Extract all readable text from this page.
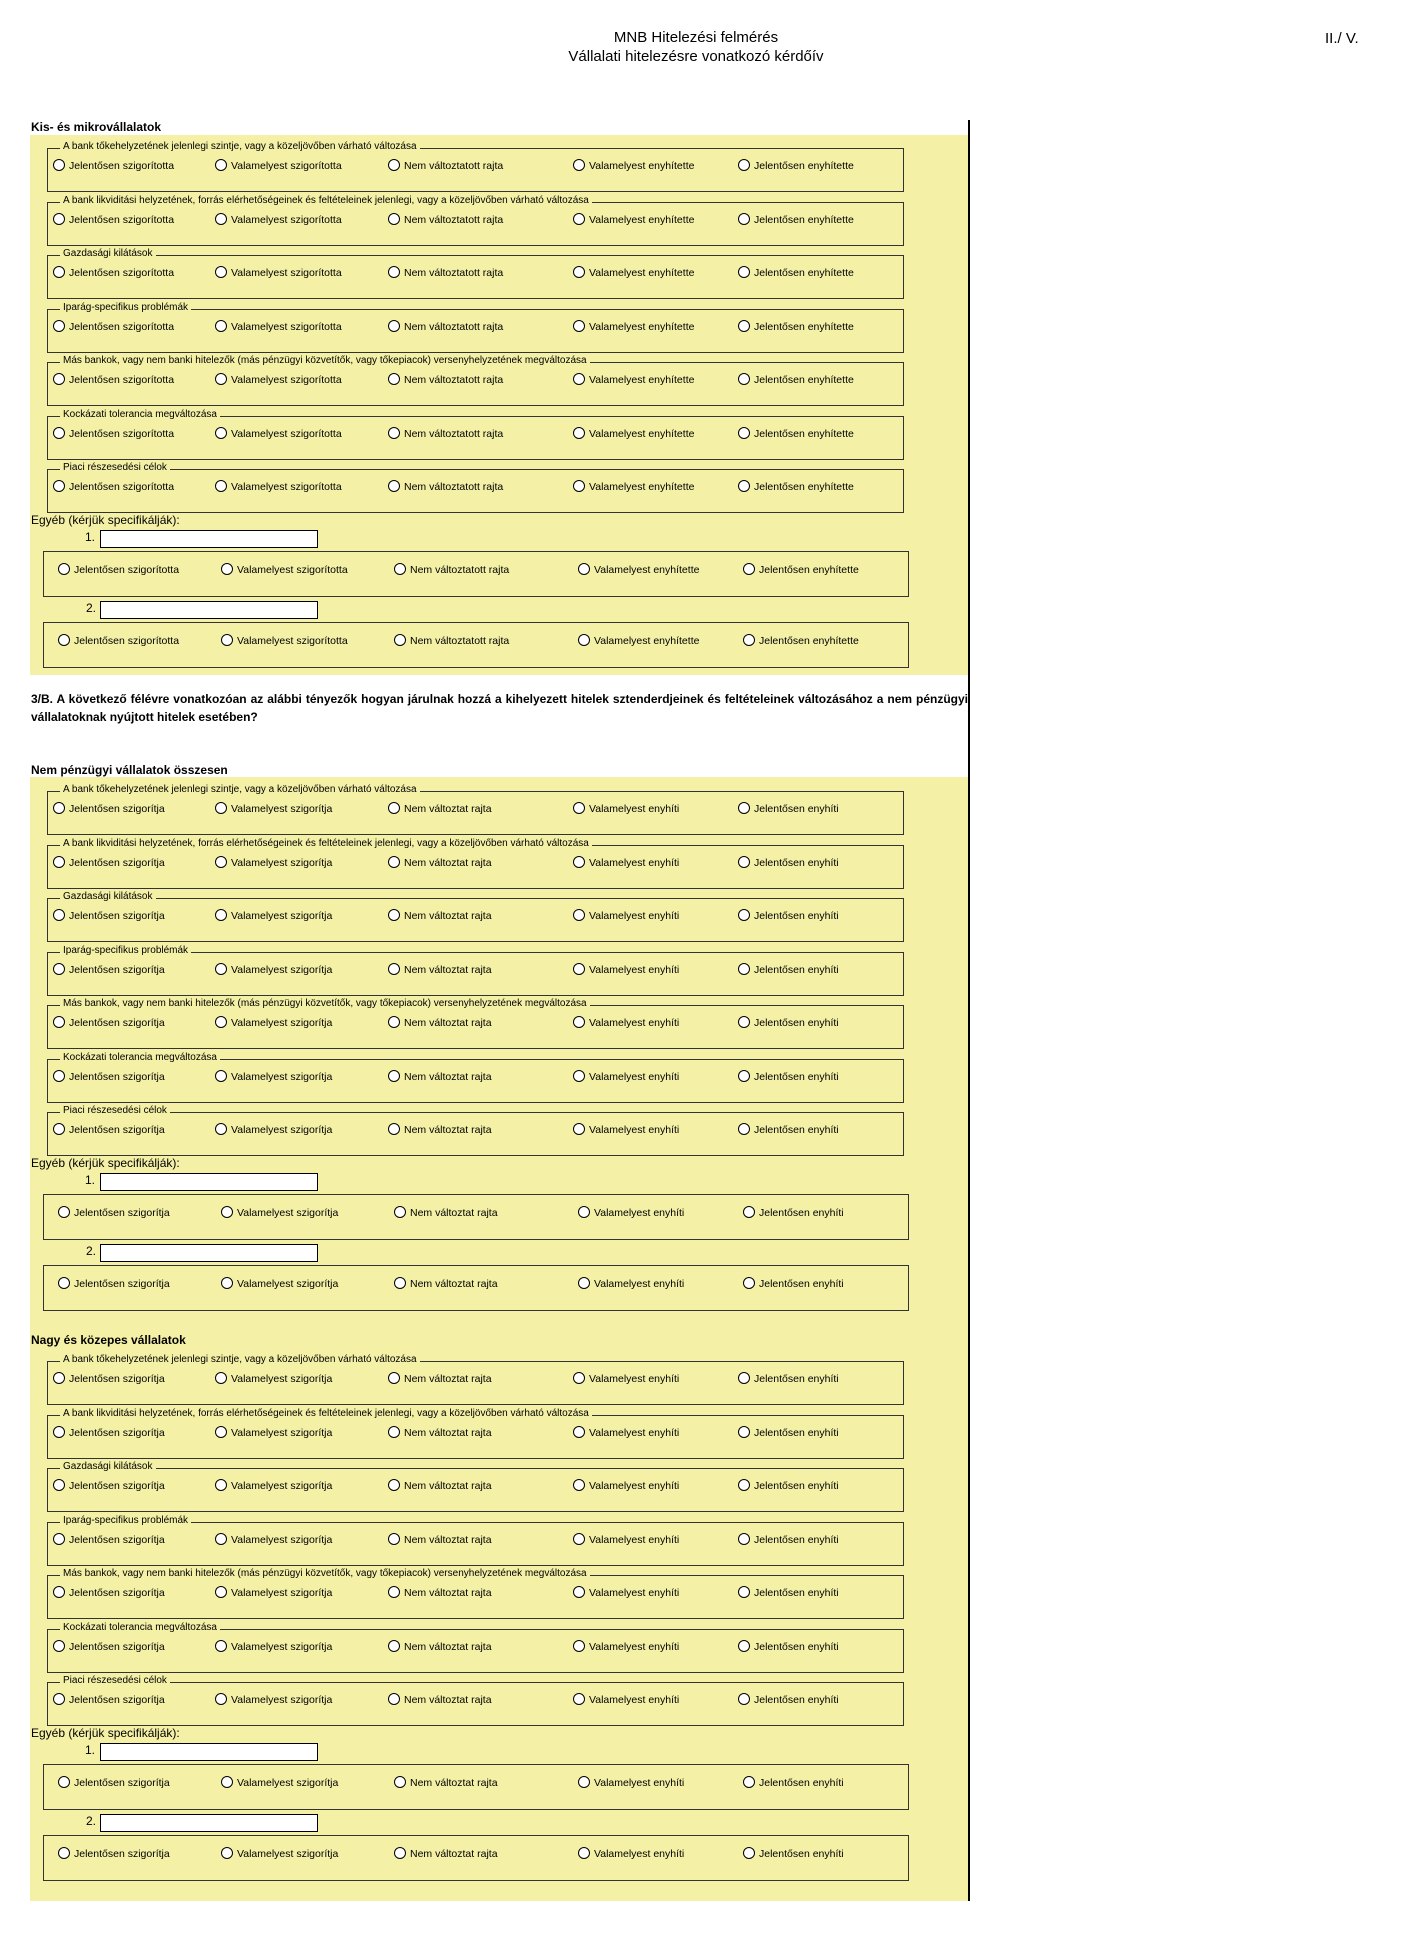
MNB Hitelezési felmérés
Vállalati hitelezésre vonatkozó kérdőív
II./ V.
3/B. A következő félévre vonatkozóan az alábbi tényezők hogyan járulnak hozzá a kihelyezett hitelek sztenderdjeinek és feltételeinek változásához a nem pénzügyi vállalatoknak nyújtott hitelek esetében?
Kis- és mikrovállalatok
A bank tőkehelyzetének jelenlegi szintje, vagy a közeljövőben várható változása
Jelentősen szigorította	Valamelyest szigorította	Nem változtatott rajta	Valamelyest enyhítette	Jelentősen enyhítette
A bank likviditási helyzetének, forrás elérhetőségeinek és feltételeinek jelenlegi, vagy a közeljövőben várható változása
Jelentősen szigorította	Valamelyest szigorította	Nem változtatott rajta	Valamelyest enyhítette	Jelentősen enyhítette
Gazdasági kilátások
Jelentősen szigorította	Valamelyest szigorította	Nem változtatott rajta	Valamelyest enyhítette	Jelentősen enyhítette
Iparág-specifikus problémák
Jelentősen szigorította	Valamelyest szigorította	Nem változtatott rajta	Valamelyest enyhítette	Jelentősen enyhítette
Más bankok, vagy nem banki hitelezők (más pénzügyi közvetítők, vagy tőkepiacok) versenyhelyzetének megváltozása
Jelentősen szigorította	Valamelyest szigorította	Nem változtatott rajta	Valamelyest enyhítette	Jelentősen enyhítette
Kockázati tolerancia megváltozása
Jelentősen szigorította	Valamelyest szigorította	Nem változtatott rajta	Valamelyest enyhítette	Jelentősen enyhítette
Piaci részesedési célok
Jelentősen szigorította	Valamelyest szigorította	Nem változtatott rajta	Valamelyest enyhítette	Jelentősen enyhítette
Egyéb (kérjük specifikálják):
1.
Jelentősen szigorította	Valamelyest szigorította	Nem változtatott rajta	Valamelyest enyhítette	Jelentősen enyhítette
2.
Jelentősen szigorította	Valamelyest szigorította	Nem változtatott rajta	Valamelyest enyhítette	Jelentősen enyhítette
Nem pénzügyi vállalatok összesen
A bank tőkehelyzetének jelenlegi szintje, vagy a közeljövőben várható változása
Jelentősen szigorítja	Valamelyest szigorítja	Nem változtat rajta	Valamelyest enyhíti	Jelentősen enyhíti
A bank likviditási helyzetének, forrás elérhetőségeinek és feltételeinek jelenlegi, vagy a közeljövőben várható változása
Jelentősen szigorítja	Valamelyest szigorítja	Nem változtat rajta	Valamelyest enyhíti	Jelentősen enyhíti
Gazdasági kilátások
Jelentősen szigorítja	Valamelyest szigorítja	Nem változtat rajta	Valamelyest enyhíti	Jelentősen enyhíti
Iparág-specifikus problémák
Jelentősen szigorítja	Valamelyest szigorítja	Nem változtat rajta	Valamelyest enyhíti	Jelentősen enyhíti
Más bankok, vagy nem banki hitelezők (más pénzügyi közvetítők, vagy tőkepiacok) versenyhelyzetének megváltozása
Jelentősen szigorítja	Valamelyest szigorítja	Nem változtat rajta	Valamelyest enyhíti	Jelentősen enyhíti
Kockázati tolerancia megváltozása
Jelentősen szigorítja	Valamelyest szigorítja	Nem változtat rajta	Valamelyest enyhíti	Jelentősen enyhíti
Piaci részesedési célok
Jelentősen szigorítja	Valamelyest szigorítja	Nem változtat rajta	Valamelyest enyhíti	Jelentősen enyhíti
Egyéb (kérjük specifikálják):
1.
Jelentősen szigorítja	Valamelyest szigorítja	Nem változtat rajta	Valamelyest enyhíti	Jelentősen enyhíti
2.
Jelentősen szigorítja	Valamelyest szigorítja	Nem változtat rajta	Valamelyest enyhíti	Jelentősen enyhíti
Nagy és közepes vállalatok
A bank tőkehelyzetének jelenlegi szintje, vagy a közeljövőben várható változása
Jelentősen szigorítja	Valamelyest szigorítja	Nem változtat rajta	Valamelyest enyhíti	Jelentősen enyhíti
A bank likviditási helyzetének, forrás elérhetőségeinek és feltételeinek jelenlegi, vagy a közeljövőben várható változása
Jelentősen szigorítja	Valamelyest szigorítja	Nem változtat rajta	Valamelyest enyhíti	Jelentősen enyhíti
Gazdasági kilátások
Jelentősen szigorítja	Valamelyest szigorítja	Nem változtat rajta	Valamelyest enyhíti	Jelentősen enyhíti
Iparág-specifikus problémák
Jelentősen szigorítja	Valamelyest szigorítja	Nem változtat rajta	Valamelyest enyhíti	Jelentősen enyhíti
Más bankok, vagy nem banki hitelezők (más pénzügyi közvetítők, vagy tőkepiacok) versenyhelyzetének megváltozása
Jelentősen szigorítja	Valamelyest szigorítja	Nem változtat rajta	Valamelyest enyhíti	Jelentősen enyhíti
Kockázati tolerancia megváltozása
Jelentősen szigorítja	Valamelyest szigorítja	Nem változtat rajta	Valamelyest enyhíti	Jelentősen enyhíti
Piaci részesedési célok
Jelentősen szigorítja	Valamelyest szigorítja	Nem változtat rajta	Valamelyest enyhíti	Jelentősen enyhíti
Egyéb (kérjük specifikálják):
1.
Jelentősen szigorítja	Valamelyest szigorítja	Nem változtat rajta	Valamelyest enyhíti	Jelentősen enyhíti
2.
Jelentősen szigorítja	Valamelyest szigorítja	Nem változtat rajta	Valamelyest enyhíti	Jelentősen enyhíti
